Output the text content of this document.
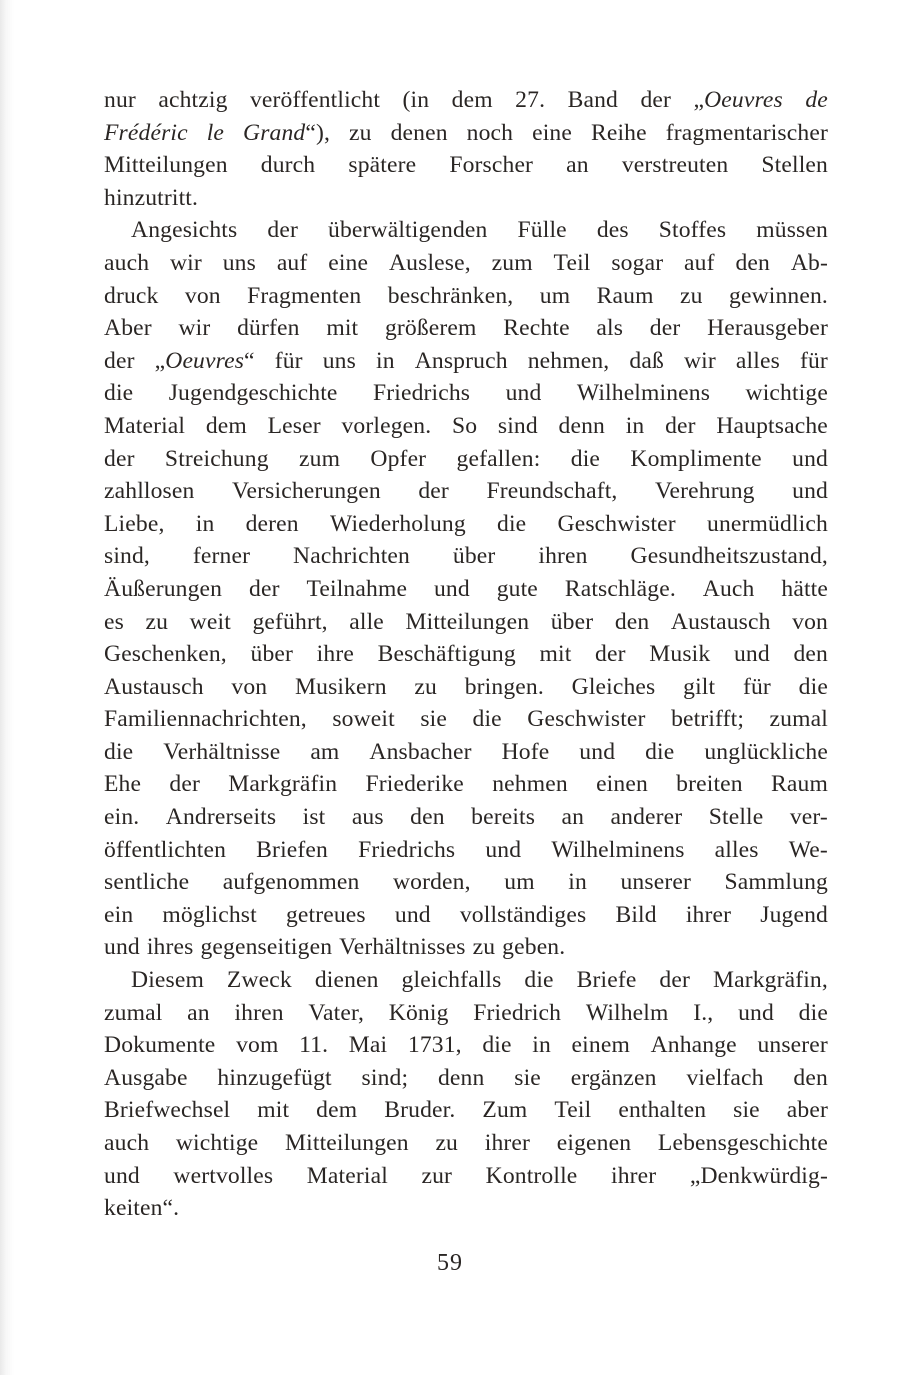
nur achtzig veröffentlicht (in dem 27. Band der „Oeuvres de
Frédéric le Grand“), zu denen noch eine Reihe fragmentarischer
Mitteilungen durch spätere Forscher an verstreuten Stellen
hinzutritt.
Angesichts der überwältigenden Fülle des Stoffes müssen
auch wir uns auf eine Auslese, zum Teil sogar auf den Ab-
druck von Fragmenten beschränken, um Raum zu gewinnen.
Aber wir dürfen mit größerem Rechte als der Herausgeber
der „Oeuvres“ für uns in Anspruch nehmen, daß wir alles für
die Jugendgeschichte Friedrichs und Wilhelminens wichtige
Material dem Leser vorlegen. So sind denn in der Hauptsache
der Streichung zum Opfer gefallen: die Komplimente und
zahllosen Versicherungen der Freundschaft, Verehrung und
Liebe, in deren Wiederholung die Geschwister unermüdlich
sind, ferner Nachrichten über ihren Gesundheitszustand,
Äußerungen der Teilnahme und gute Ratschläge. Auch hätte
es zu weit geführt, alle Mitteilungen über den Austausch von
Geschenken, über ihre Beschäftigung mit der Musik und den
Austausch von Musikern zu bringen. Gleiches gilt für die
Familiennachrichten, soweit sie die Geschwister betrifft; zumal
die Verhältnisse am Ansbacher Hofe und die unglückliche
Ehe der Markgräfin Friederike nehmen einen breiten Raum
ein. Andrerseits ist aus den bereits an anderer Stelle ver-
öffentlichten Briefen Friedrichs und Wilhelminens alles We-
sentliche aufgenommen worden, um in unserer Sammlung
ein möglichst getreues und vollständiges Bild ihrer Jugend
und ihres gegenseitigen Verhältnisses zu geben.
Diesem Zweck dienen gleichfalls die Briefe der Markgräfin,
zumal an ihren Vater, König Friedrich Wilhelm I., und die
Dokumente vom 11. Mai 1731, die in einem Anhange unserer
Ausgabe hinzugefügt sind; denn sie ergänzen vielfach den
Briefwechsel mit dem Bruder. Zum Teil enthalten sie aber
auch wichtige Mitteilungen zu ihrer eigenen Lebensgeschichte
und wertvolles Material zur Kontrolle ihrer „Denkwürdig-
keiten“.
59
